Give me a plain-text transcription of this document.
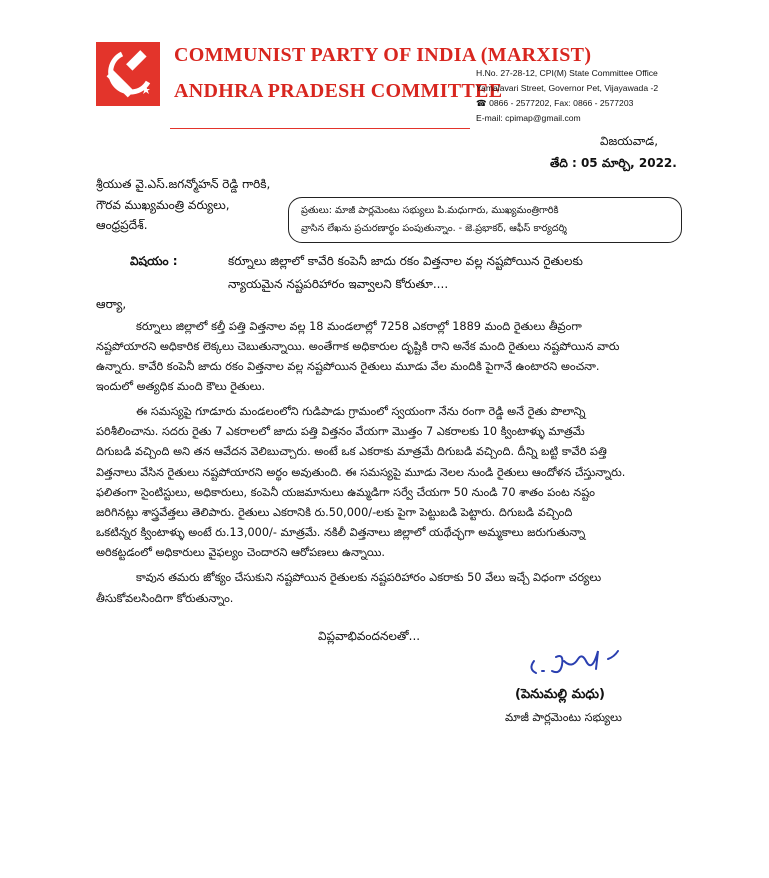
COMMUNIST PARTY OF INDIA (MARXIST)
ANDHRA PRADESH COMMITTEE
H.No. 27-28-12, CPI(M) State Committee Office
Yamalavari Street, Governor Pet, Vijayawada -2
☎ 0866 - 2577202, Fax: 0866 - 2577203
E-mail: cpimap@gmail.com
విజయవాడ,
తేది : 05 మార్చి, 2022.
శ్రీయుత వై.ఎస్.జగన్మోహన్ రెడ్డి గారికి,
గౌరవ ముఖ్యమంత్రి వర్యులు,
ఆంధ్రప్రదేశ్.
ప్రతులు: మాజీ పార్లమెంటు సభ్యులు పి.మధుగారు, ముఖ్యమంత్రిగారికి
వ్రాసిన లేఖను ప్రచురణార్థం పంపుతున్నాం. - జె.ప్రభాకర్, ఆఫీస్ కార్యదర్శి
విషయం :	కర్నూలు జిల్లాలో కావేరి కంపెనీ జాదు రకం విత్తనాల వల్ల నష్టపోయిన రైతులకు
న్యాయమైన నష్టపరిహారం ఇవ్వాలని కోరుతూ....
ఆర్యా,
కర్నూలు జిల్లాలో కల్తీ పత్తి విత్తనాల వల్ల 18 మండలాల్లో 7258 ఎకరాల్లో 1889 మంది రైతులు తీవ్రంగా
నష్టపోయారని అధికారిక లెక్కలు చెబుతున్నాయి. అంతేగాక అధికారుల దృష్టికి రాని అనేక మంది రైతులు నష్టపోయిన వారు
ఉన్నారు. కావేరి కంపెనీ జాదు రకం విత్తనాల వల్ల నష్టపోయిన రైతులు మూడు వేల మందికి పైగానే ఉంటారని అంచనా.
ఇందులో అత్యధిక మంది కౌలు రైతులు.
ఈ సమస్యపై గూడూరు మండలంలోని గుడిపాడు గ్రామంలో స్వయంగా నేను రంగా రెడ్డి అనే రైతు పొలాన్ని
పరిశీలించాను. సదరు రైతు 7 ఎకరాలలో జాదు పత్తి విత్తనం వేయగా మొత్తం 7 ఎకరాలకు 10 క్వింటాళ్ళు మాత్రమే
దిగుబడి వచ్చింది అని తన ఆవేదన వెలిబుచ్చారు. అంటే ఒక ఎకరాకు మాత్రమే దిగుబడి వచ్చింది. దీన్ని బట్టి కావేరి పత్తి
విత్తనాలు వేసిన రైతులు నష్టపోయారని అర్థం అవుతుంది. ఈ సమస్యపై మూడు నెలల నుండి రైతులు ఆందోళన చేస్తున్నారు.
ఫలితంగా సైంటిస్టులు, అధికారులు, కంపెనీ యజమానులు ఉమ్మడిగా సర్వే చేయగా 50 నుండి 70 శాతం పంట నష్టం
జరిగినట్లు శాస్త్రవేత్తలు తెలిపారు. రైతులు ఎకరానికి రు.50,000/-లకు పైగా పెట్టుబడి పెట్టారు. దిగుబడి వచ్చింది
ఒకటిన్నర క్వింటాళ్ళు అంటే రు.13,000/- మాత్రమే. నకిలీ విత్తనాలు జిల్లాలో యథేచ్ఛగా అమ్మకాలు జరుగుతున్నా
అరికట్టడంలో అధికారులు వైఫల్యం చెందారని ఆరోపణలు ఉన్నాయి.
కావున తమరు జోక్యం చేసుకుని నష్టపోయిన రైతులకు నష్టపరిహారం ఎకరాకు 50 వేలు ఇచ్చే విధంగా చర్యలు
తీసుకోవలసిందిగా కోరుతున్నాం.
విప్లవాభివందనలతో...
(పెనుమల్లి మధు)
మాజీ పార్లమెంటు సభ్యులు
